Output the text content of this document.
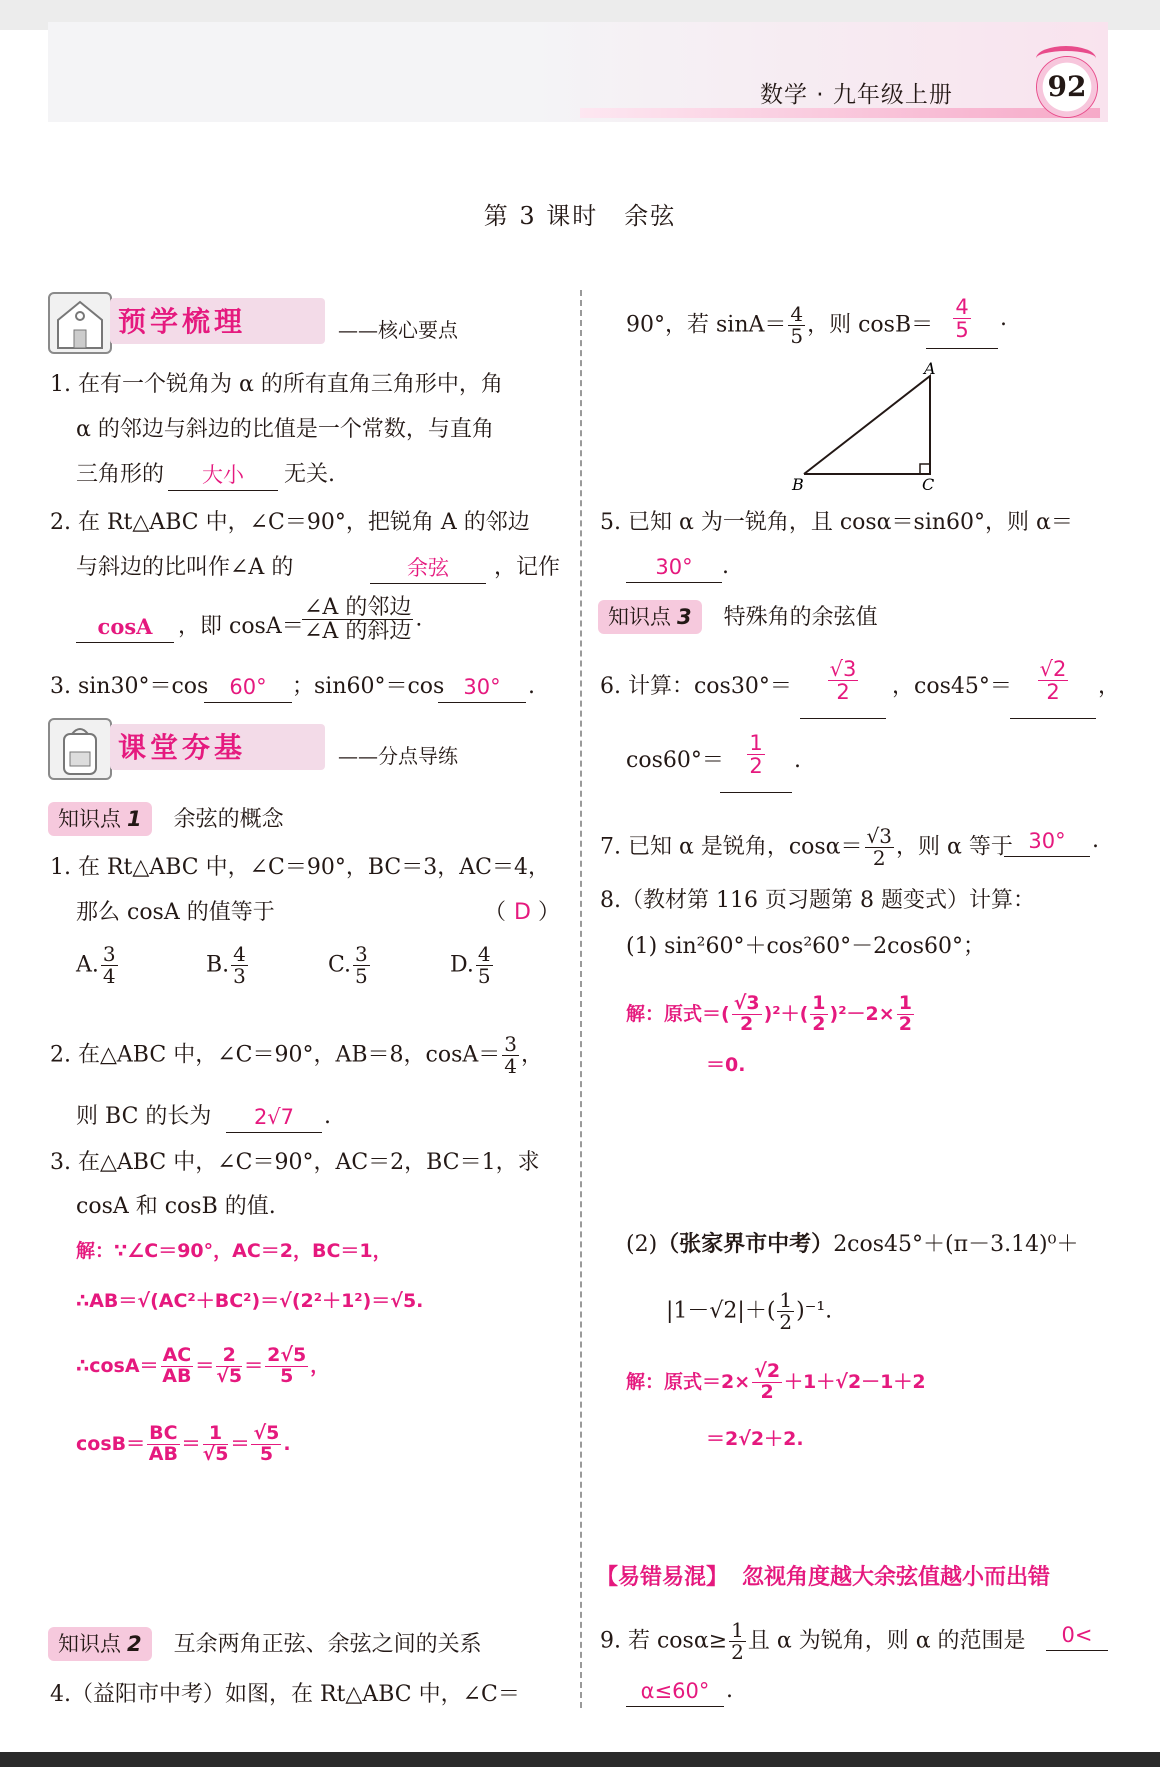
数学 · 九年级上册	92
第 3 课时　余弦
预学梳理	——核心要点
1. 在有一个锐角为 α 的所有直角三角形中，角
α 的邻边与斜边的比值是一个常数，与直角
三角形的	大小	无关.
2. 在 Rt△ABC 中，∠C＝90°，把锐角 A 的邻边
与斜边的比叫作∠A 的	余弦	，记作
cosA	，即 cosA＝
$\frac{\text{∠A 的邻边}}{\text{∠A 的斜边}}$ .
3. sin30°＝cos	60°	；sin60°＝cos 30°	.
课堂夯基	——分点导练
知识点 1 余弦的概念
1. 在 Rt△ABC 中，∠C＝90°，BC＝3，AC＝4，
那么 cosA 的值等于	（ D ）
A. $\frac{3}{4}$	B. $\frac{4}{3}$	C. $\frac{3}{5}$	D. $\frac{4}{5}$
2. 在△ABC 中，∠C＝90°，AB＝8，$\cos A= \frac{3}{4}$ ，
则 BC 的长为	2√7	.
3. 在△ABC 中，∠C＝90°，AC＝2，BC＝1，求
cosA 和 cosB 的值.
解：∵∠C＝90°，AC＝2，BC＝1，
∴AB＝√(AC²＋BC²)＝√(2²＋1²)＝√5.
∴cosA＝ $\frac{AC}{AB} = \frac{2}{√5} = \frac{2√5}{5}$ ，
$\cos B= \frac{BC}{AB} = \frac{1}{√5} = \frac{√5}{5}$ .
知识点 2 互余两角正弦、余弦之间的关系
4.（益阳市中考）如图，在 Rt△ABC 中，∠C＝
90°，若 $\sin A= \frac{4}{5}$ ，则 $\cos B= \frac{4}{5}$ .
A
B	C
5. 已知 α 为一锐角，且 cosα＝sin60°，则 α＝
30°	.
知识点 3 特殊角的余弦值
6. 计算：$\cos 30^\circ= \frac{√3}{2}$ ，$\cos 45^\circ= \frac{√2}{2}$ ，
$\cos 60^\circ= \frac{1}{2}$ .
7. 已知 α 是锐角，$\cos\alpha= \frac{√3}{2}$ ，则 α 等于 30°	.
8.（教材第 116 页习题第 8 题变式）计算：
(1) sin²60°＋cos²60°－2cos60°；
解：原式＝( $\frac{√3}{2} )^2+( \frac{1}{2} )^2-2\times \frac{1}{2}$
＝0.
(2)（张家界市中考）2cos45°＋(π－3.14)⁰＋
$|1-√2|+( \frac{1}{2} )^{-1}$.
解：原式$=2\times \frac{√2}{2} +1+√2-1+2$
＝2√2＋2.
【易错易混】 忽视角度越大余弦值越小而出错
9. 若 $\cos\alpha\ge \frac{1}{2}$ 且 α 为锐角，则 α 的范围是	0<
α≤60° .
